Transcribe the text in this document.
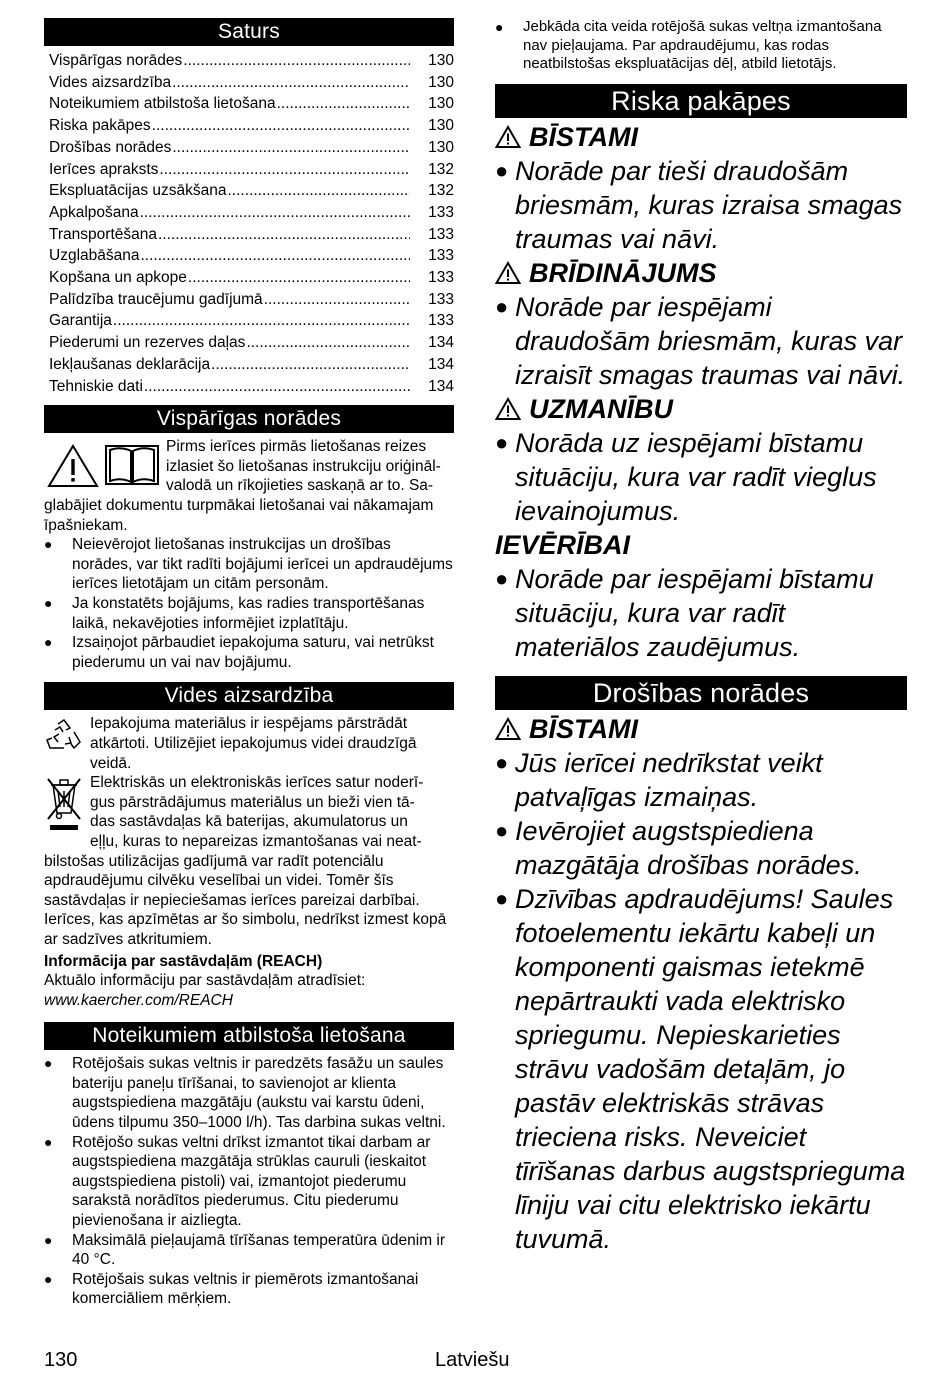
Saturs
Vispārīgas norādes .....	130
Vides aizsardzība .....	130
Noteikumiem atbilstoša lietošana .....	130
Riska pakāpes .....	130
Drošības norādes .....	130
Ierīces apraksts .....	132
Ekspluatācijas uzsākšana .....	132
Apkalpošana .....	133
Transportēšana .....	133
Uzglabāšana .....	133
Kopšana un apkope .....	133
Palīdzība traucējumu gadījumā .....	133
Garantija .....	133
Piederumi un rezerves daļas .....	134
Iekļaušanas deklarācija .....	134
Tehniskie dati .....	134
Vispārīgas norādes
Pirms ierīces pirmās lietošanas reizes
izlasiet šo lietošanas instrukciju oriģināl-
valodā un rīkojieties saskaņā ar to. Sa-

glabājiet dokumentu turpmākai lietošanai vai nākamajam īpašniekam.

●	Neievērojot lietošanas instrukcijas un drošības norādes, var tikt radīti bojājumi ierīcei un apdraudējums ierīces lietotājam un citām personām.
●	Ja konstatēts bojājums, kas radies transportēšanas laikā, nekavējoties informējiet izplatītāju.
●	Izsaiņojot pārbaudiet iepakojuma saturu, vai netrūkst piederumu un vai nav bojājumu.
Vides aizsardzība

Iepakojuma materiālus ir iespējams pārstrādāt atkārtoti. Utilizējiet iepakojumus videi draudzīgā veidā.

Elektriskās un elektroniskās ierīces satur noderī-
gus pārstrādājumus materiālus un bieži vien tā-
das sastāvdaļas kā baterijas, akumulatorus un
eļļu, kuras to nepareizas izmantošanas vai neat-

bilstošas utilizācijas gadījumā var radīt potenciālu apdraudējumu cilvēku veselībai un videi. Tomēr šīs sastāvdaļas ir nepieciešamas ierīces pareizai darbībai. Ierīces, kas apzīmētas ar šo simbolu, nedrīkst izmest kopā ar sadzīves atkritumiem.

Informācija par sastāvdaļām (REACH)

Aktuālo informāciju par sastāvdaļām atradīsiet:

www.kaercher.com/REACH

Noteikumiem atbilstoša lietošana
●	Rotējošais sukas veltnis ir paredzēts fasāžu un saules bateriju paneļu tīrīšanai, to savienojot ar klienta augstspiediena mazgātāju (aukstu vai karstu ūdeni, ūdens tilpumu 350–1000 l/h). Tas darbina sukas veltni.
●	Rotējošo sukas veltni drīkst izmantot tikai darbam ar augstspiediena mazgātāja strūklas cauruli (ieskaitot augstspiediena pistoli) vai, izmantojot piederumu sarakstā norādītos piederumus. Citu piederumu pievienošana ir aizliegta.
●	Maksimālā pieļaujamā tīrīšanas temperatūra ūdenim ir 40 °C.
●	Rotējošais sukas veltnis ir piemērots izmantošanai komerciāliem mērķiem.
●	Jebkāda cita veida rotējošā sukas veltņa izmantošana nav pieļaujama. Par apdraudējumu, kas rodas neatbilstošas ekspluatācijas dēļ, atbild lietotājs.
Riska pakāpes
BĪSTAMI
● Norāde par tieši draudošām briesmām, kuras izraisa smagas traumas vai nāvi.
BRĪDINĀJUMS
● Norāde par iespējami draudošām briesmām, kuras var izraisīt smagas traumas vai nāvi.
UZMANĪBU
● Norāda uz iespējami bīstamu situāciju, kura var radīt vieglus ievainojumus.
IEVĒRĪBAI
● Norāde par iespējami bīstamu situāciju, kura var radīt materiālos zaudējumus.
Drošības norādes
BĪSTAMI
● Jūs ierīcei nedrīkstat veikt patvaļīgas izmaiņas.
● Ievērojiet augstspiediena mazgātāja drošības norādes.
● Dzīvības apdraudējums! Saules fotoelementu iekārtu kabeļi un komponenti gaismas ietekmē nepārtraukti vada elektrisko spriegumu. Nepieskarieties strāvu vadošām detaļām, jo pastāv elektriskās strāvas trieciena risks. Neveiciet tīrīšanas darbus augstsprieguma līniju vai citu elektrisko iekārtu tuvumā.
130	Latviešu
